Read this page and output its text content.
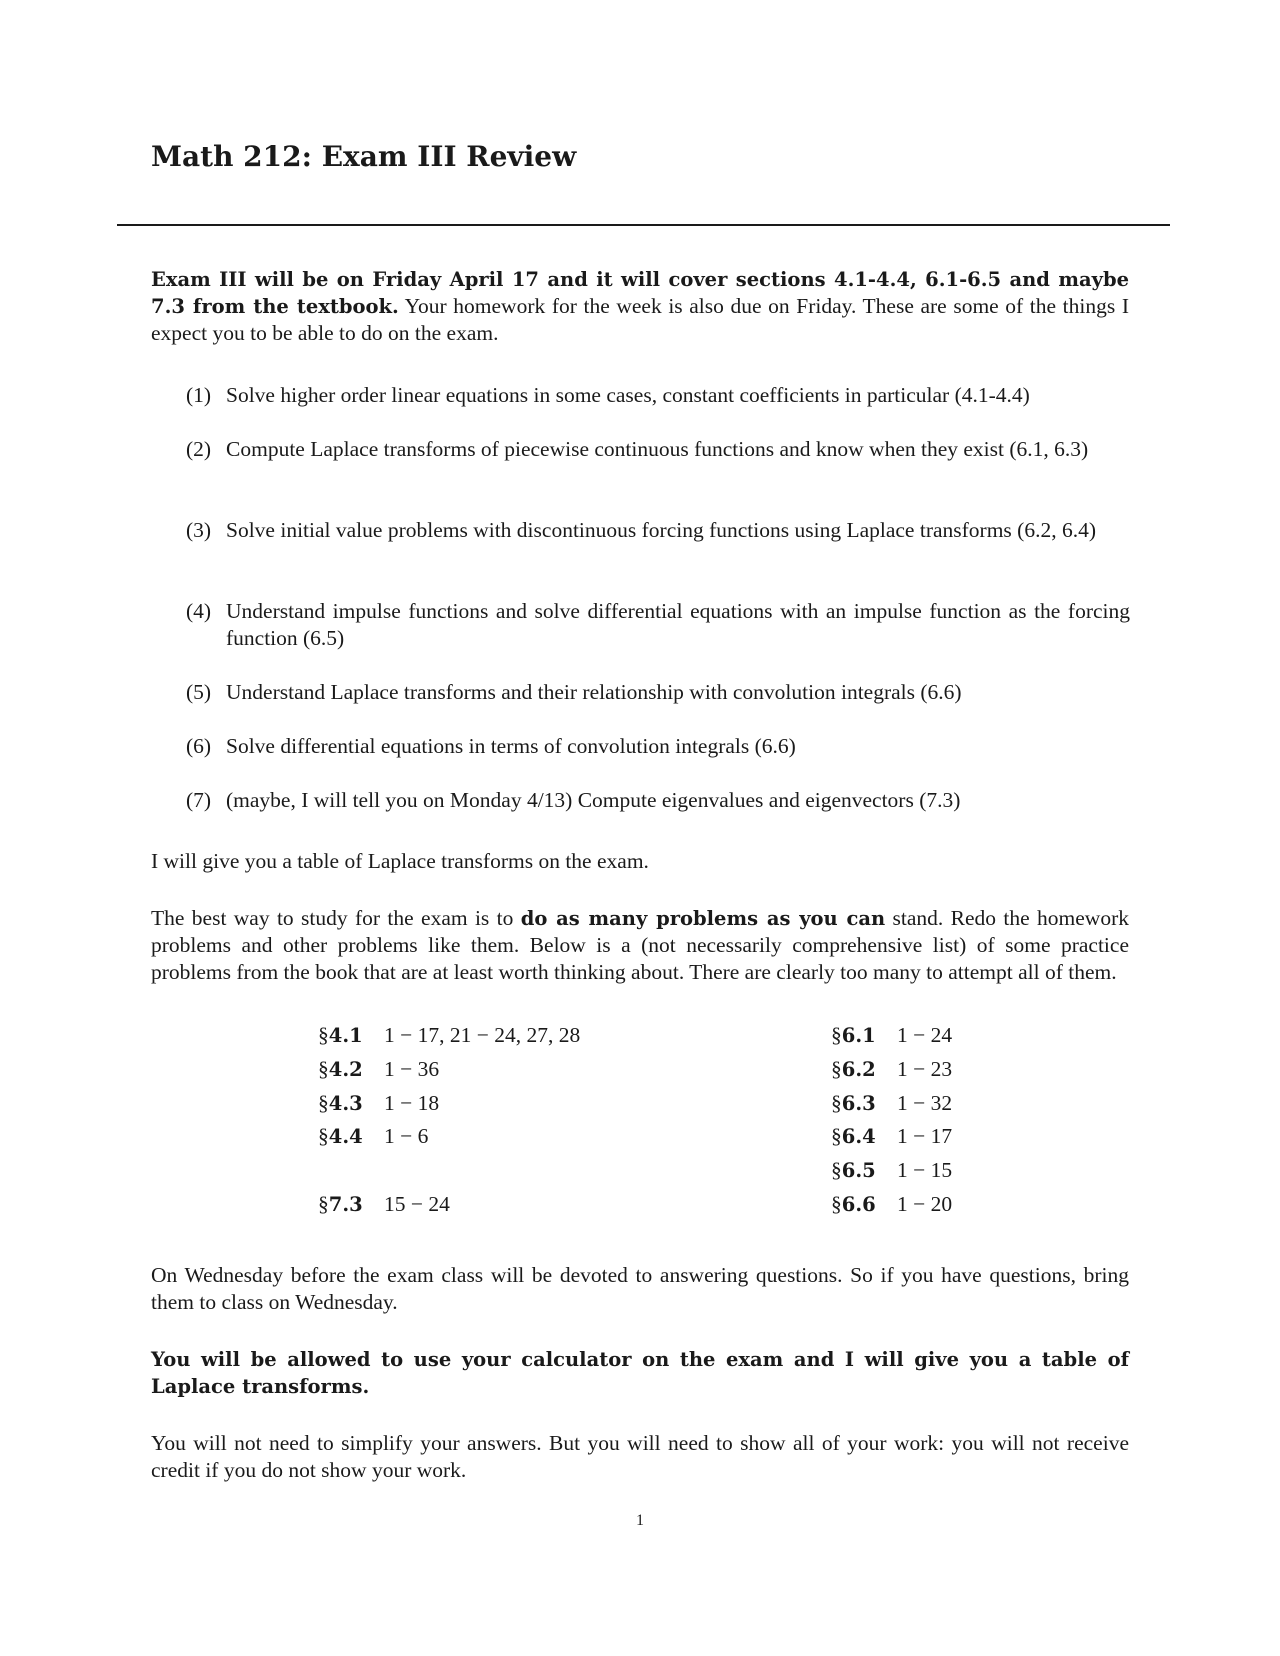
Math 212: Exam III Review

Exam III will be on Friday April 17 and it will cover sections 4.1-4.4, 6.1-6.5 and maybe 7.3 from the textbook. Your homework for the week is also due on Friday. These are some of the things I expect you to be able to do on the exam.

(1) Solve higher order linear equations in some cases, constant coefficients in particular (4.1-4.4)
(2) Compute Laplace transforms of piecewise continuous functions and know when they exist (6.1, 6.3)
(3) Solve initial value problems with discontinuous forcing functions using Laplace transforms (6.2, 6.4)
(4) Understand impulse functions and solve differential equations with an impulse function as the forcing function (6.5)
(5) Understand Laplace transforms and their relationship with convolution integrals (6.6)
(6) Solve differential equations in terms of convolution integrals (6.6)
(7) (maybe, I will tell you on Monday 4/13) Compute eigenvalues and eigenvectors (7.3)

I will give you a table of Laplace transforms on the exam.

The best way to study for the exam is to do as many problems as you can stand. Redo the homework problems and other problems like them. Below is a (not necessarily comprehensive list) of some practice problems from the book that are at least worth thinking about. There are clearly too many to attempt all of them.

§4.1 1 − 17, 21 − 24, 27, 28
§4.2 1 − 36
§4.3 1 − 18
§4.4 1 − 6
§7.3 15 − 24
§6.1 1 − 24
§6.2 1 − 23
§6.3 1 − 32
§6.4 1 − 17
§6.5 1 − 15
§6.6 1 − 20

On Wednesday before the exam class will be devoted to answering questions. So if you have questions, bring them to class on Wednesday.

You will be allowed to use your calculator on the exam and I will give you a table of Laplace transforms.

You will not need to simplify your answers. But you will need to show all of your work: you will not receive credit if you do not show your work.

1
